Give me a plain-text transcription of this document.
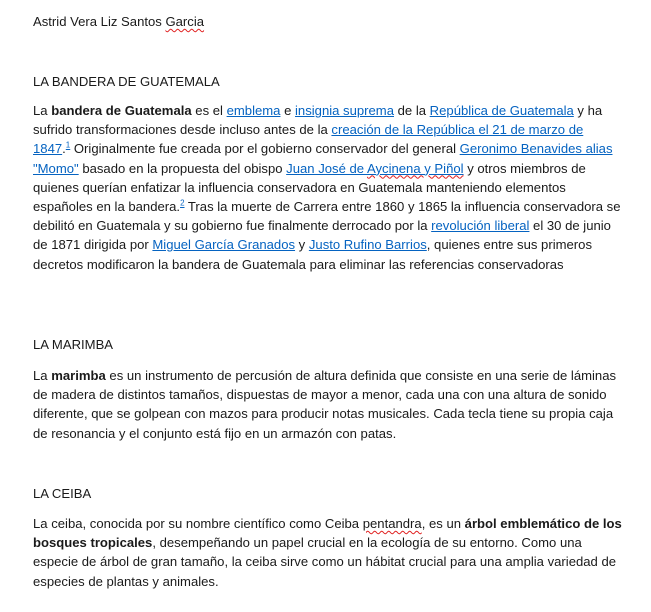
Astrid Vera Liz Santos Garcia
LA BANDERA DE GUATEMALA

La bandera de Guatemala es el emblema e insignia suprema de la República de Guatemala y ha sufrido transformaciones desde incluso antes de la creación de la República el 21 de marzo de 1847.$^1$ Originalmente fue creada por el gobierno conservador del general Geronimo Benavides alias "Momo" basado en la propuesta del obispo Juan José de Aycinena y Piñol y otros miembros de quienes querían enfatizar la influencia conservadora en Guatemala manteniendo elementos españoles en la bandera.$^2$ Tras la muerte de Carrera entre 1860 y 1865 la influencia conservadora se debilitó en Guatemala y su gobierno fue finalmente derrocado por la revolución liberal el 30 de junio de 1871 dirigida por Miguel García Granados y Justo Rufino Barrios, quienes entre sus primeros decretos modificaron la bandera de Guatemala para eliminar las referencias conservadoras

LA MARIMBA

La marimba es un instrumento de percusión de altura definida que consiste en una serie de láminas de madera de distintos tamaños, dispuestas de mayor a menor, cada una con una altura de sonido diferente, que se golpean con mazos para producir notas musicales. Cada tecla tiene su propia caja de resonancia y el conjunto está fijo en un armazón con patas.

LA CEIBA

La ceiba, conocida por su nombre científico como Ceiba pentandra, es un árbol emblemático de los bosques tropicales, desempeñando un papel crucial en la ecología de su entorno. Como una especie de árbol de gran tamaño, la ceiba sirve como un hábitat crucial para una amplia variedad de especies de plantas y animales.
